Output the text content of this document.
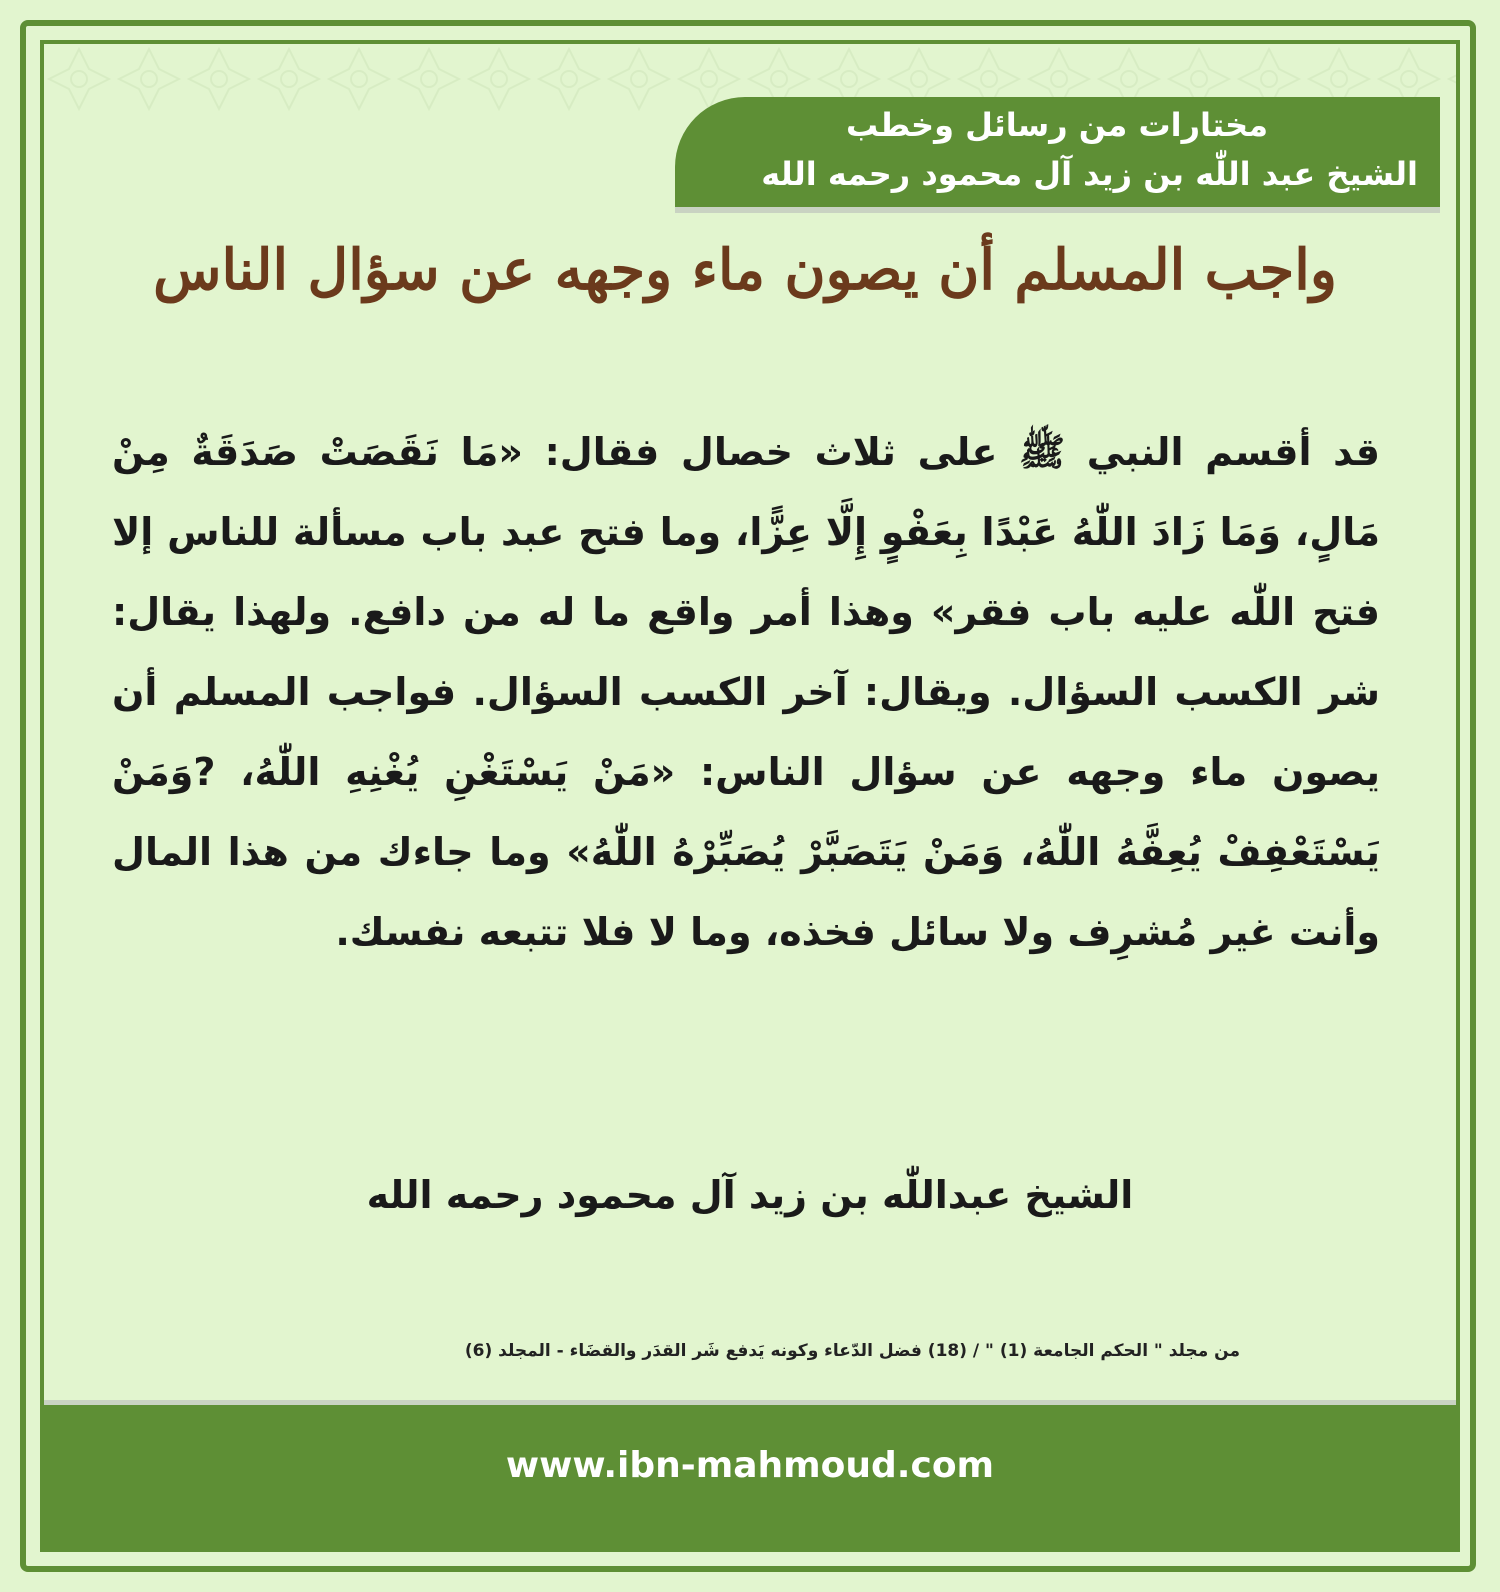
مختارات من رسائل وخطب
الشيخ عبد اللّٰه بن زيد آل محمود رحمه الله
واجب المسلم أن يصون ماء وجهه عن سؤال الناس
قد أقسم النبي ﷺ على ثلاث خصال فقال: «مَا نَقَصَتْ صَدَقَةٌ مِنْ مَالٍ، وَمَا زَادَ اللّٰهُ عَبْدًا بِعَفْوٍ إِلَّا عِزًّا، وما فتح عبد باب مسألة للناس إلا فتح اللّٰه عليه باب فقر» وهذا أمر واقع ما له من دافع. ولهذا يقال: شر الكسب السؤال. ويقال: آخر الكسب السؤال. فواجب المسلم أن يصون ماء وجهه عن سؤال الناس: «مَنْ يَسْتَغْنِ يُغْنِهِ اللّٰهُ، ?وَمَنْ يَسْتَعْفِفْ يُعِفَّهُ اللّٰهُ، وَمَنْ يَتَصَبَّرْ يُصَبِّرْهُ اللّٰهُ» وما جاءك من هذا المال وأنت غير مُشرِف ولا سائل فخذه، وما لا فلا تتبعه نفسك.
الشيخ عبداللّٰه بن زيد آل محمود رحمه الله
من مجلد " الحكم الجامعة (1) " / (18) فضل الدّعاء وكونه يَدفع شَر القدَر والقضَاء - المجلد (6)
www.ibn-mahmoud.com
